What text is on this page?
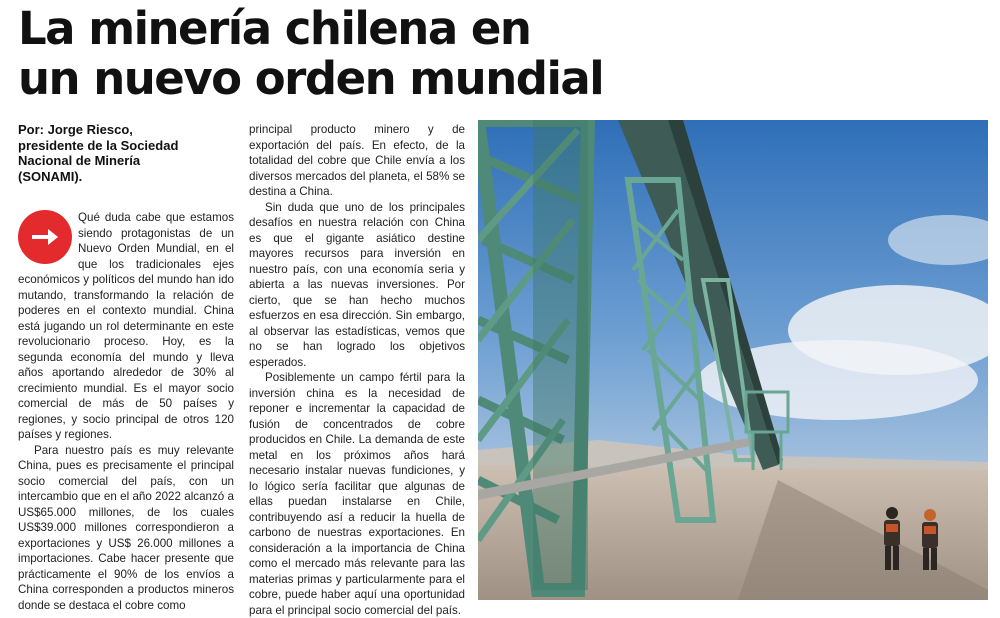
La minería chilena en
un nuevo orden mundial
Por: Jorge Riesco,
presidente de la Sociedad
Nacional de Minería
(SONAMI).

Qué duda cabe que estamos siendo protagonistas de un Nuevo Orden Mundial, en el que los tradicionales ejes económicos y políticos del mundo han ido mutando, transformando la relación de poderes en el contexto mundial. China está jugando un rol determinante en este revolucionario proceso. Hoy, es la segunda economía del mundo y lleva años aportando alrededor de 30% al crecimiento mundial. Es el mayor socio comercial de más de 50 países y regiones, y socio principal de otros 120 países y regiones.

Para nuestro país es muy relevante China, pues es precisamente el principal socio comercial del país, con un intercambio que en el año 2022 alcanzó a US$65.000 millones, de los cuales US$39.000 millones correspondieron a exportaciones y US$ 26.000 millones a importaciones. Cabe hacer presente que prácticamente el 90% de los envíos a China corresponden a productos mineros donde se destaca el cobre como

principal producto minero y de exportación del país. En efecto, de la totalidad del cobre que Chile envía a los diversos mercados del planeta, el 58% se destina a China.

Sin duda que uno de los principales desafíos en nuestra relación con China es que el gigante asiático destine mayores recursos para inversión en nuestro país, con una economía seria y abierta a las nuevas inversiones. Por cierto, que se han hecho muchos esfuerzos en esa dirección. Sin embargo, al observar las estadísticas, vemos que no se han logrado los objetivos esperados.

Posiblemente un campo fértil para la inversión china es la necesidad de reponer e incrementar la capacidad de fusión de concentrados de cobre producidos en Chile. La demanda de este metal en los próximos años hará necesario instalar nuevas fundiciones, y lo lógico sería facilitar que algunas de ellas puedan instalarse en Chile, contribuyendo así a reducir la huella de carbono de nuestras exportaciones. En consideración a la importancia de China como el mercado más relevante para las materias primas y particularmente para el cobre, puede haber aquí una oportunidad para el principal socio comercial del país.
